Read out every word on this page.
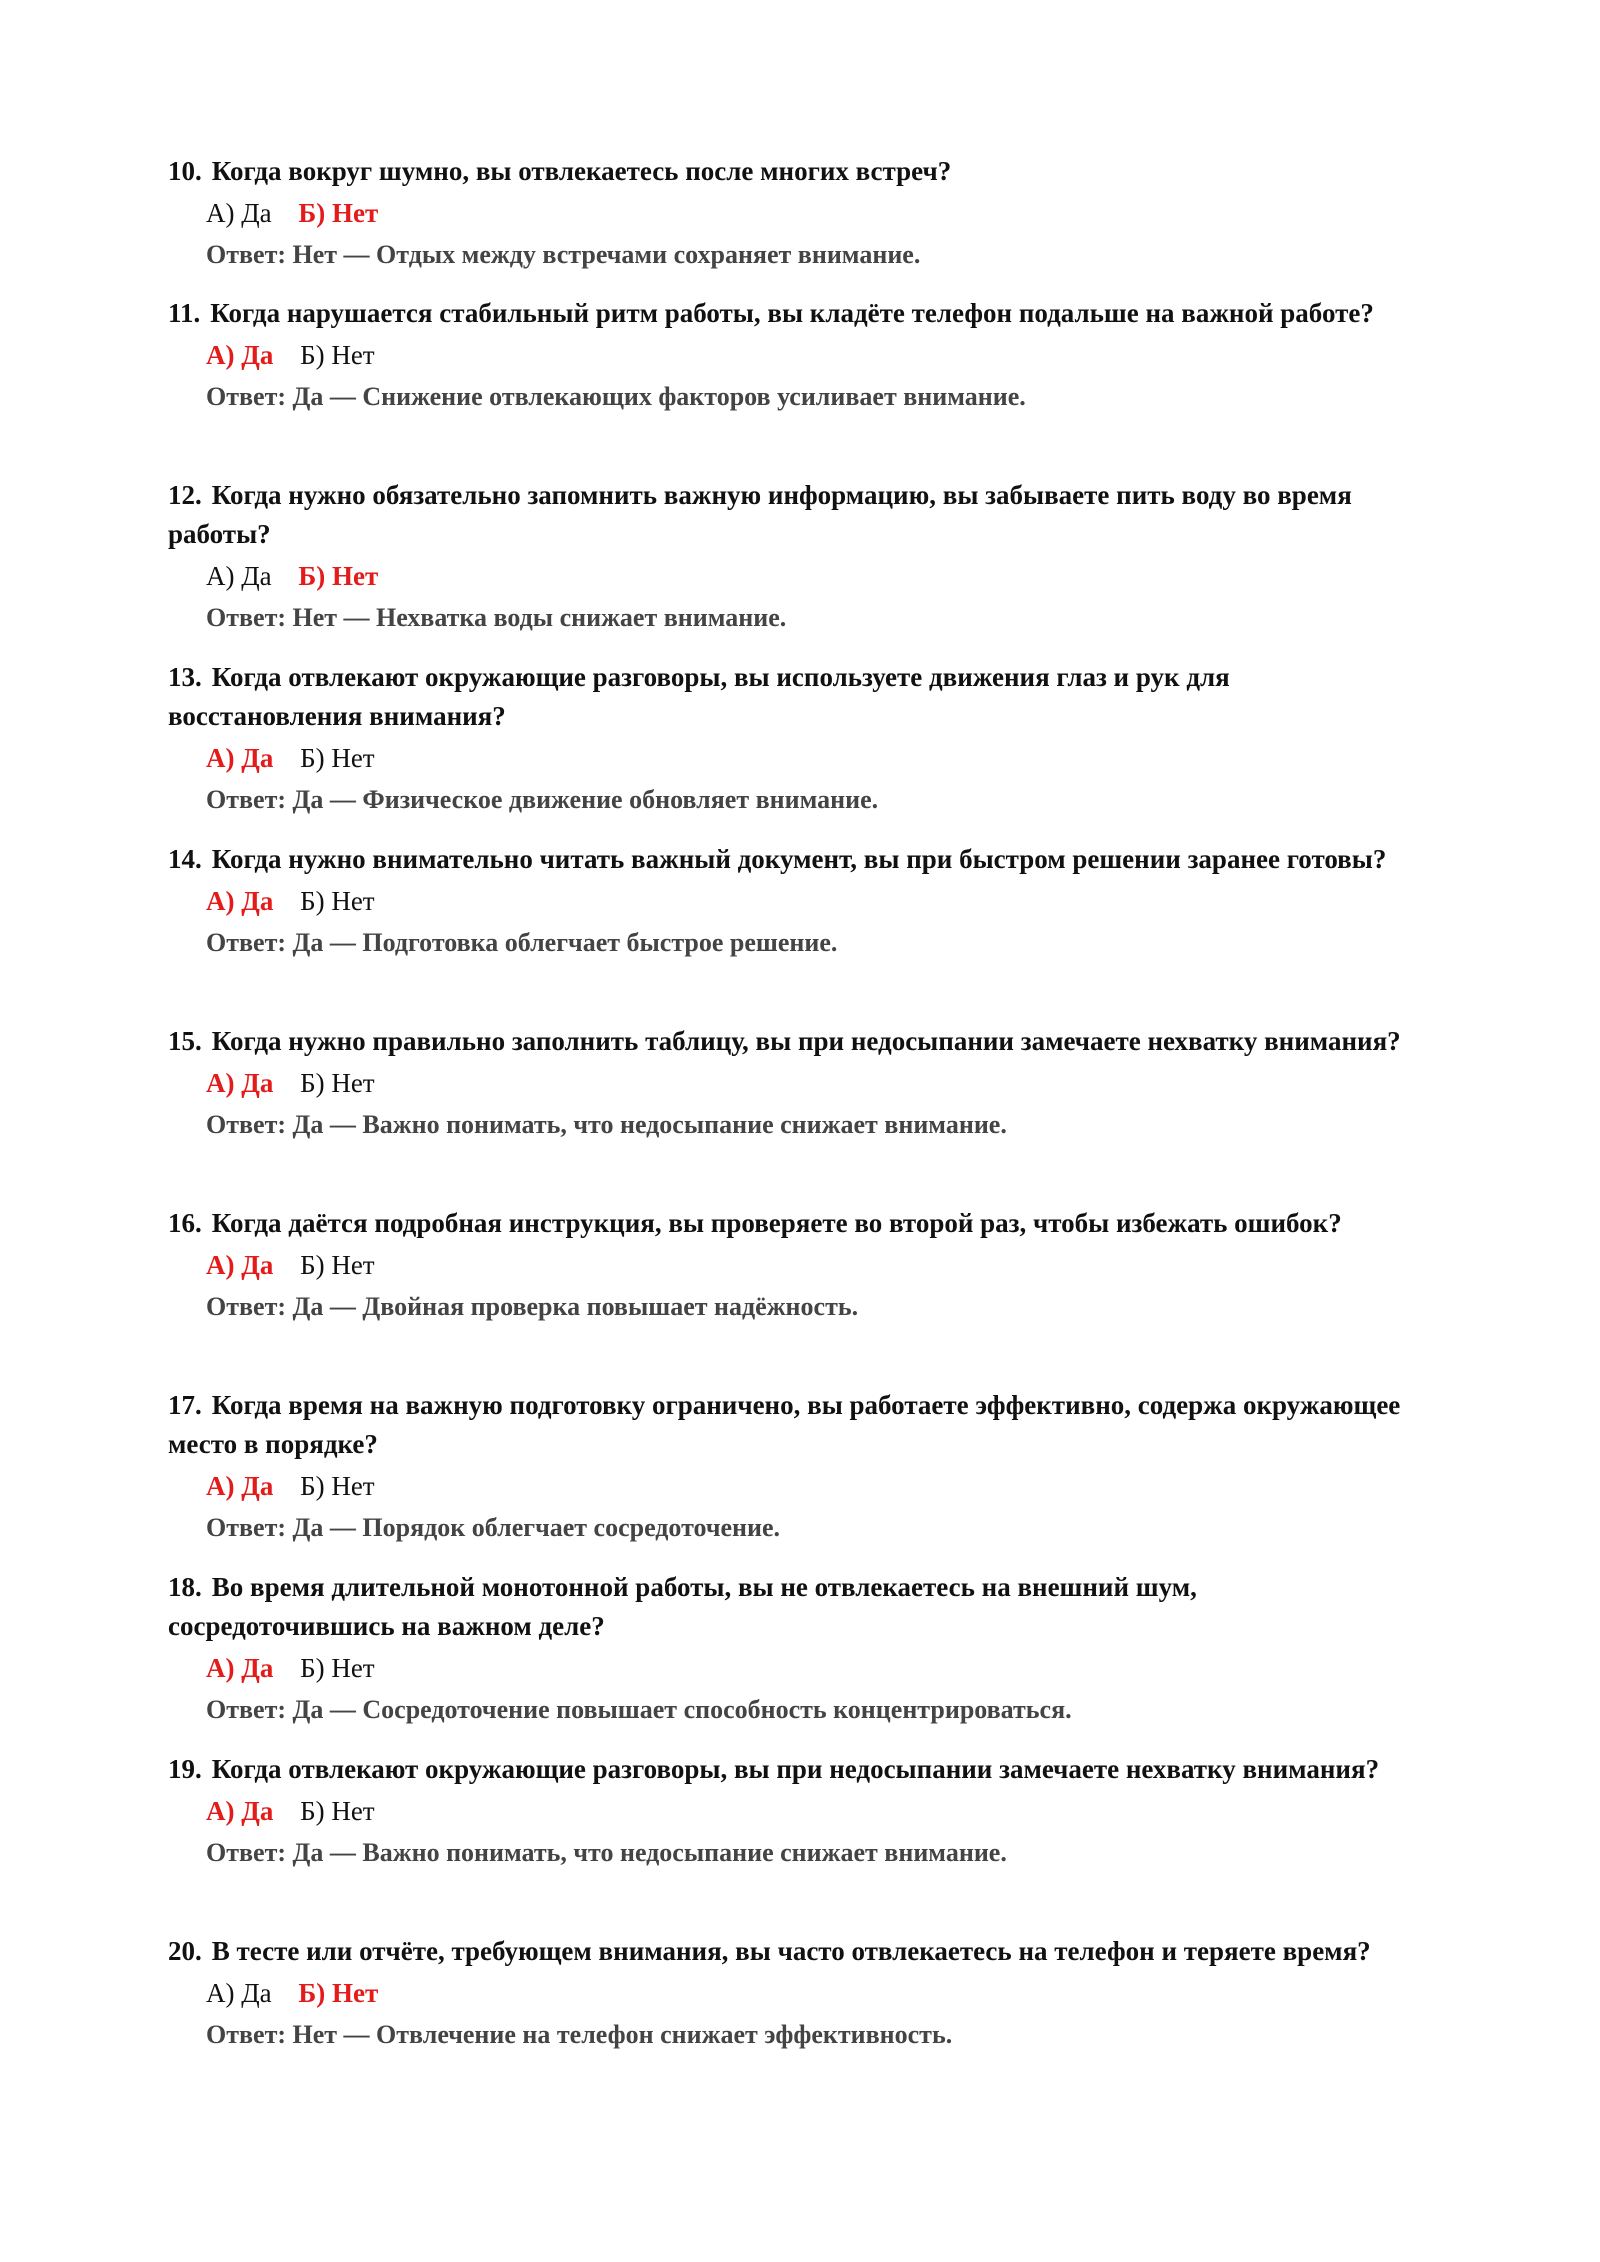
10. Когда вокруг шумно, вы отвлекаетесь после многих встреч?

А) Да Б) Нет
Ответ: Нет — Отдых между встречами сохраняет внимание.

11. Когда нарушается стабильный ритм работы, вы кладёте телефон подальше на важной работе?

А) Да Б) Нет
Ответ: Да — Снижение отвлекающих факторов усиливает внимание.

12. Когда нужно обязательно запомнить важную информацию, вы забываете пить воду во время работы?

А) Да Б) Нет
Ответ: Нет — Нехватка воды снижает внимание.

13. Когда отвлекают окружающие разговоры, вы используете движения глаз и рук для восстановления внимания?

А) Да Б) Нет
Ответ: Да — Физическое движение обновляет внимание.

14. Когда нужно внимательно читать важный документ, вы при быстром решении заранее готовы?

А) Да Б) Нет
Ответ: Да — Подготовка облегчает быстрое решение.

15. Когда нужно правильно заполнить таблицу, вы при недосыпании замечаете нехватку внимания?

А) Да Б) Нет
Ответ: Да — Важно понимать, что недосыпание снижает внимание.

16. Когда даётся подробная инструкция, вы проверяете во второй раз, чтобы избежать ошибок?

А) Да Б) Нет
Ответ: Да — Двойная проверка повышает надёжность.

17. Когда время на важную подготовку ограничено, вы работаете эффективно, содержа окружающее место в порядке?

А) Да Б) Нет
Ответ: Да — Порядок облегчает сосредоточение.

18. Во время длительной монотонной работы, вы не отвлекаетесь на внешний шум, сосредоточившись на важном деле?

А) Да Б) Нет
Ответ: Да — Сосредоточение повышает способность концентрироваться.

19. Когда отвлекают окружающие разговоры, вы при недосыпании замечаете нехватку внимания?

А) Да Б) Нет
Ответ: Да — Важно понимать, что недосыпание снижает внимание.

20. В тесте или отчёте, требующем внимания, вы часто отвлекаетесь на телефон и теряете время?

А) Да Б) Нет
Ответ: Нет — Отвлечение на телефон снижает эффективность.
